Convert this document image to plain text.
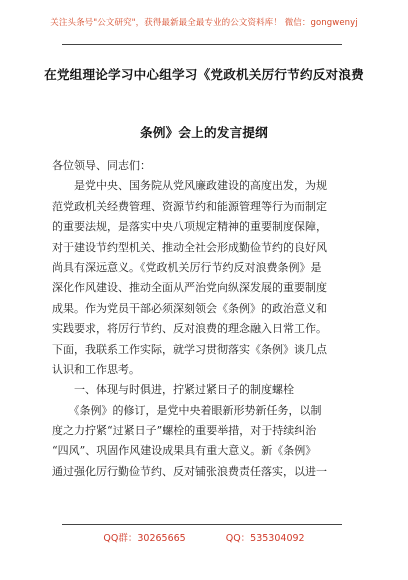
关注头条号"公文研究"，获得最新最全最专业的公文资料库！ 微信：gongwenyj
在党组理论学习中心组学习《党政机关厉行节约反对浪费
条例》会上的发言提纲
各位领导、同志们：
　　是党中央、国务院从党风廉政建设的高度出发，为规
范党政机关经费管理、资源节约和能源管理等行为而制定
的重要法规，是落实中央八项规定精神的重要制度保障，
对于建设节约型机关、推动全社会形成勤俭节约的良好风
尚具有深远意义。《党政机关厉行节约反对浪费条例》是
深化作风建设、推动全面从严治党向纵深发展的重要制度
成果。作为党员干部必须深刻领会《条例》的政治意义和
实践要求，将厉行节约、反对浪费的理念融入日常工作。
下面，我联系工作实际，就学习贯彻落实《条例》谈几点
认识和工作思考。
　　一、体现与时俱进，拧紧过紧日子的制度螺栓
　　《条例》的修订，是党中央着眼新形势新任务，以制
度之力拧紧“过紧日子”螺栓的重要举措，对于持续纠治
“四风”、巩固作风建设成果具有重大意义。新《条例》
通过强化厉行勤俭节约、反对铺张浪费责任落实，以进一
QQ群：30265665	QQ：535304092
